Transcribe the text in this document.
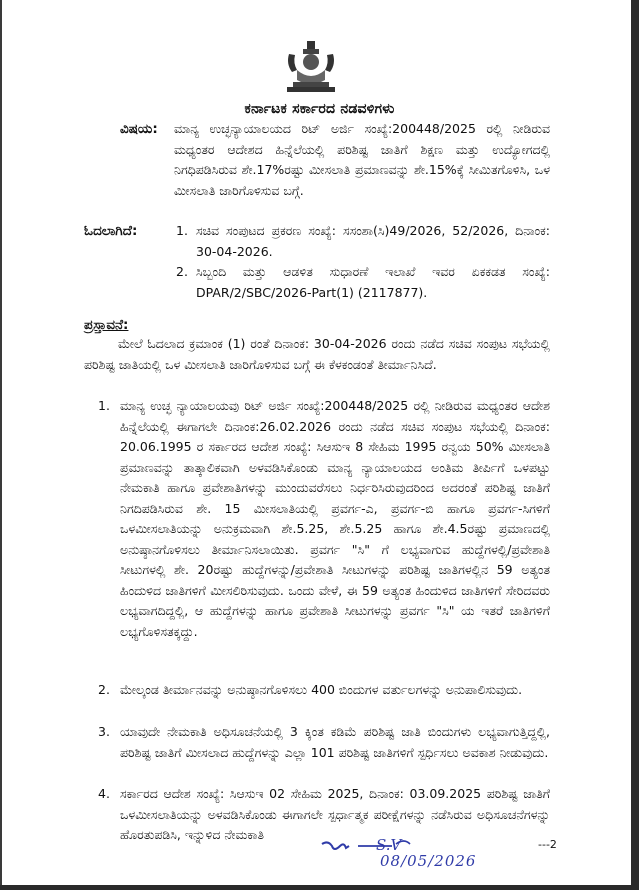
ಕರ್ನಾಟಕ ಸರ್ಕಾರದ ನಡವಳಿಗಳು
ವಿಷಯ: ಮಾನ್ಯ ಉಚ್ಛನ್ಯಾಯಾಲಯದ ರಿಟ್ ಅರ್ಜಿ ಸಂಖ್ಯೆ:200448/2025 ರಲ್ಲಿ ನೀಡಿರುವ ಮಧ್ಯಂತರ ಆದೇಶದ ಹಿನ್ನೆಲೆಯಲ್ಲಿ ಪರಿಶಿಷ್ಟ ಜಾತಿಗೆ ಶಿಕ್ಷಣ ಮತ್ತು ಉದ್ಯೋಗದಲ್ಲಿ ನಿಗಧಿಪಡಿಸಿರುವ ಶೇ.17%ರಷ್ಟು ಮೀಸಲಾತಿ ಪ್ರಮಾಣವನ್ನು ಶೇ.15%ಕ್ಕೆ ಸೀಮಿತಗೊಳಿಸಿ, ಒಳ ಮೀಸಲಾತಿ ಜಾರಿಗೊಳಿಸುವ ಬಗ್ಗೆ.
ಓದಲಾಗಿದೆ:	1. ಸಚಿವ ಸಂಪುಟದ ಪ್ರಕರಣ ಸಂಖ್ಯೆ: ಸಸಂಶಾ(ಸಿ)49/2026, 52/2026, ದಿನಾಂಕ: 30-04-2026.
2. ಸಿಬ್ಬಂದಿ ಮತ್ತು ಆಡಳಿತ ಸುಧಾರಣೆ ಇಲಾಖೆ ಇವರ ಏಕಕಡತ ಸಂಖ್ಯೆ: DPAR/2/SBC/2026-Part(1) (2117877).
ಪ್ರಸ್ತಾವನೆ:
ಮೇಲೆ ಓದಲಾದ ಕ್ರಮಾಂಕ (1) ರಂತೆ ದಿನಾಂಕ: 30-04-2026 ರಂದು ನಡೆದ ಸಚಿವ ಸಂಪುಟ ಸಭೆಯಲ್ಲಿ ಪರಿಶಿಷ್ಟ ಜಾತಿಯಲ್ಲಿ ಒಳ ಮೀಸಲಾತಿ ಜಾರಿಗೊಳಿಸುವ ಬಗ್ಗೆ ಈ ಕೆಳಕಂಡಂತೆ ತೀರ್ಮಾನಿಸಿದೆ.
1. ಮಾನ್ಯ ಉಚ್ಛ ನ್ಯಾಯಾಲಯವು ರಿಟ್ ಅರ್ಜಿ ಸಂಖ್ಯೆ:200448/2025 ರಲ್ಲಿ ನೀಡಿರುವ ಮಧ್ಯಂತರ ಆದೇಶ ಹಿನ್ನೆಲೆಯಲ್ಲಿ ಈಗಾಗಲೇ ದಿನಾಂಕ:26.02.2026 ರಂದು ನಡೆದ ಸಚಿವ ಸಂಪುಟ ಸಭೆಯಲ್ಲಿ ದಿನಾಂಕ: 20.06.1995 ರ ಸರ್ಕಾರದ ಆದೇಶ ಸಂಖ್ಯೆ: ಸಿಆಸುಇ 8 ಸೇಹಿಮ 1995 ರನ್ವಯ 50% ಮೀಸಲಾತಿ ಪ್ರಮಾಣವನ್ನು ತಾತ್ಕಾಲಿಕವಾಗಿ ಅಳವಡಿಸಿಕೊಂಡು ಮಾನ್ಯ ನ್ಯಾಯಾಲಯದ ಅಂತಿಮ ತೀರ್ಪಿಗೆ ಒಳಪಟ್ಟು ನೇಮಕಾತಿ ಹಾಗೂ ಪ್ರವೇಶಾತಿಗಳನ್ನು ಮುಂದುವರೆಸಲು ನಿರ್ಧರಿಸಿರುವುದರಿಂದ ಅದರಂತೆ ಪರಿಶಿಷ್ಟ ಜಾತಿಗೆ ನಿಗದಿಪಡಿಸಿರುವ ಶೇ. 15 ಮೀಸಲಾತಿಯಲ್ಲಿ ಪ್ರವರ್ಗ-ಎ, ಪ್ರವರ್ಗ-ಬಿ ಹಾಗೂ ಪ್ರವರ್ಗ-ಸಿಗಳಿಗೆ ಒಳಮೀಸಲಾತಿಯನ್ನು ಅನುಕ್ರಮವಾಗಿ ಶೇ.5.25, ಶೇ.5.25 ಹಾಗೂ ಶೇ.4.5ರಷ್ಟು ಪ್ರಮಾಣದಲ್ಲಿ ಅನುಷ್ಠಾನಗೊಳಿಸಲು ತೀರ್ಮಾನಿಸಲಾಯಿತು. ಪ್ರವರ್ಗ "ಸಿ" ಗೆ ಲಭ್ಯವಾಗುವ ಹುದ್ದೆಗಳಲ್ಲಿ/ಪ್ರವೇಶಾತಿ ಸೀಟುಗಳಲ್ಲಿ ಶೇ. 20ರಷ್ಟು ಹುದ್ದೆಗಳನ್ನು/ಪ್ರವೇಶಾತಿ ಸೀಟುಗಳನ್ನು ಪರಿಶಿಷ್ಟ ಜಾತಿಗಳಲ್ಲಿನ 59 ಅತ್ಯಂತ ಹಿಂದುಳಿದ ಜಾತಿಗಳಿಗೆ ಮೀಸಲಿರಿಸುವುದು. ಒಂದು ವೇಳೆ, ಈ 59 ಅತ್ಯಂತ ಹಿಂದುಳಿದ ಜಾತಿಗಳಿಗೆ ಸೇರಿದವರು ಲಭ್ಯವಾಗದಿದ್ದಲ್ಲಿ, ಆ ಹುದ್ದೆಗಳನ್ನು ಹಾಗೂ ಪ್ರವೇಶಾತಿ ಸೀಟುಗಳನ್ನು ಪ್ರವರ್ಗ "ಸಿ" ಯ ಇತರೆ ಜಾತಿಗಳಿಗೆ ಲಭ್ಯಗೊಳಿಸತಕ್ಕದ್ದು.
2. ಮೇಲ್ಕಂಡ ತೀರ್ಮಾನವನ್ನು ಅನುಷ್ಠಾನಗೊಳಿಸಲು 400 ಬಿಂದುಗಳ ವರ್ತುಲಗಳನ್ನು ಅನುಪಾಲಿಸುವುದು.
3. ಯಾವುದೇ ನೇಮಕಾತಿ ಅಧಿಸೂಚನೆಯಲ್ಲಿ 3 ಕ್ಕಿಂತ ಕಡಿಮೆ ಪರಿಶಿಷ್ಟ ಜಾತಿ ಬಿಂದುಗಳು ಲಭ್ಯವಾಗುತ್ತಿದ್ದಲ್ಲಿ, ಪರಿಶಿಷ್ಟ ಜಾತಿಗೆ ಮೀಸಲಾದ ಹುದ್ದೆಗಳನ್ನು ಎಲ್ಲಾ 101 ಪರಿಶಿಷ್ಟ ಜಾತಿಗಳಿಗೆ ಸ್ಪರ್ಧಿಸಲು ಅವಕಾಶ ನೀಡುವುದು.
4. ಸರ್ಕಾರದ ಆದೇಶ ಸಂಖ್ಯೆ: ಸಿಆಸುಇ 02 ಸೇಹಿಮ 2025, ದಿನಾಂಕ: 03.09.2025 ಪರಿಶಿಷ್ಟ ಜಾತಿಗೆ ಒಳಮೀಸಲಾತಿಯನ್ನು ಅಳವಡಿಸಿಕೊಂಡು ಈಗಾಗಲೇ ಸ್ಪರ್ಧಾತ್ಮಕ ಪರೀಕ್ಷೆಗಳನ್ನು ನಡೆಸಿರುವ ಅಧಿಸೂಚನೆಗಳನ್ನು ಹೊರತುಪಡಿಸಿ, ಇನ್ನುಳಿದ ನೇಮಕಾತಿ
S.V
08/05/2026
---2
